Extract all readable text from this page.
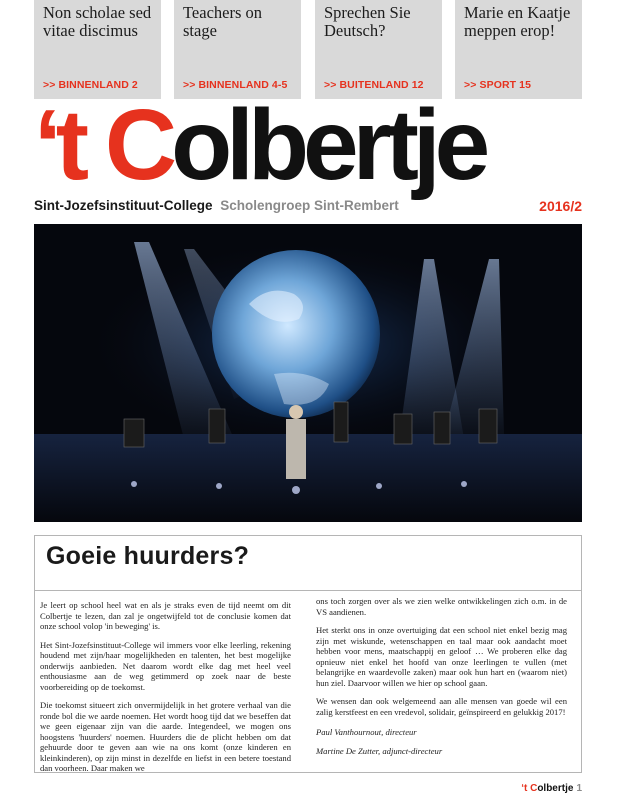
Non scholae sed vitae discimus

>> BINNENLAND 2

Teachers on stage

>> BINNENLAND 4-5

Sprechen Sie Deutsch?

>> BUITENLAND 12

Marie en Kaatje meppen erop!

>> SPORT 15
‘t Colbertje
Sint-Jozefsinstituut-College Scholengroep Sint-Rembert	2016/2
Goeie huurders?

Je leert op school heel wat en als je straks even de tijd neemt om dit Colbertje te lezen, dan zal je ongetwijfeld tot de conclusie komen dat onze school volop 'in beweging' is.

Het Sint-Jozefsinstituut-College wil immers voor elke leerling, rekening houdend met zijn/haar mogelijkheden en talenten, het best mogelijke onderwijs aanbieden. Net daarom wordt elke dag met heel veel enthousiasme aan de weg getimmerd op zoek naar de beste voorbereiding op de toekomst.

Die toekomst situeert zich onvermijdelijk in het grotere verhaal van die ronde bol die we aarde noemen. Het wordt hoog tijd dat we beseffen dat we geen eigenaar zijn van die aarde. Integendeel, we mogen ons hoogstens 'huurders' noemen. Huurders die de plicht hebben om dat gehuurde door te geven aan wie na ons komt (onze kinderen en kleinkinderen), op zijn minst in dezelfde en liefst in een betere toestand dan voorheen. Daar maken we

ons toch zorgen over als we zien welke ontwikkelingen zich o.m. in de VS aandienen.

Het sterkt ons in onze overtuiging dat een school niet enkel bezig mag zijn met wiskunde, wetenschappen en taal maar ook aandacht moet hebben voor mens, maatschappij en geloof … We proberen elke dag opnieuw niet enkel het hoofd van onze leerlingen te vullen (met belangrijke en waardevolle zaken) maar ook hun hart en (waarom niet) hun ziel. Daarvoor willen we hier op school gaan.

We wensen dan ook welgemeend aan alle mensen van goede wil een zalig kerstfeest en een vredevol, solidair, geïnspireerd en gelukkig 2017!

Paul Vanthournout, directeur

Martine De Zutter, adjunct-directeur

‘t Colbertje 1
